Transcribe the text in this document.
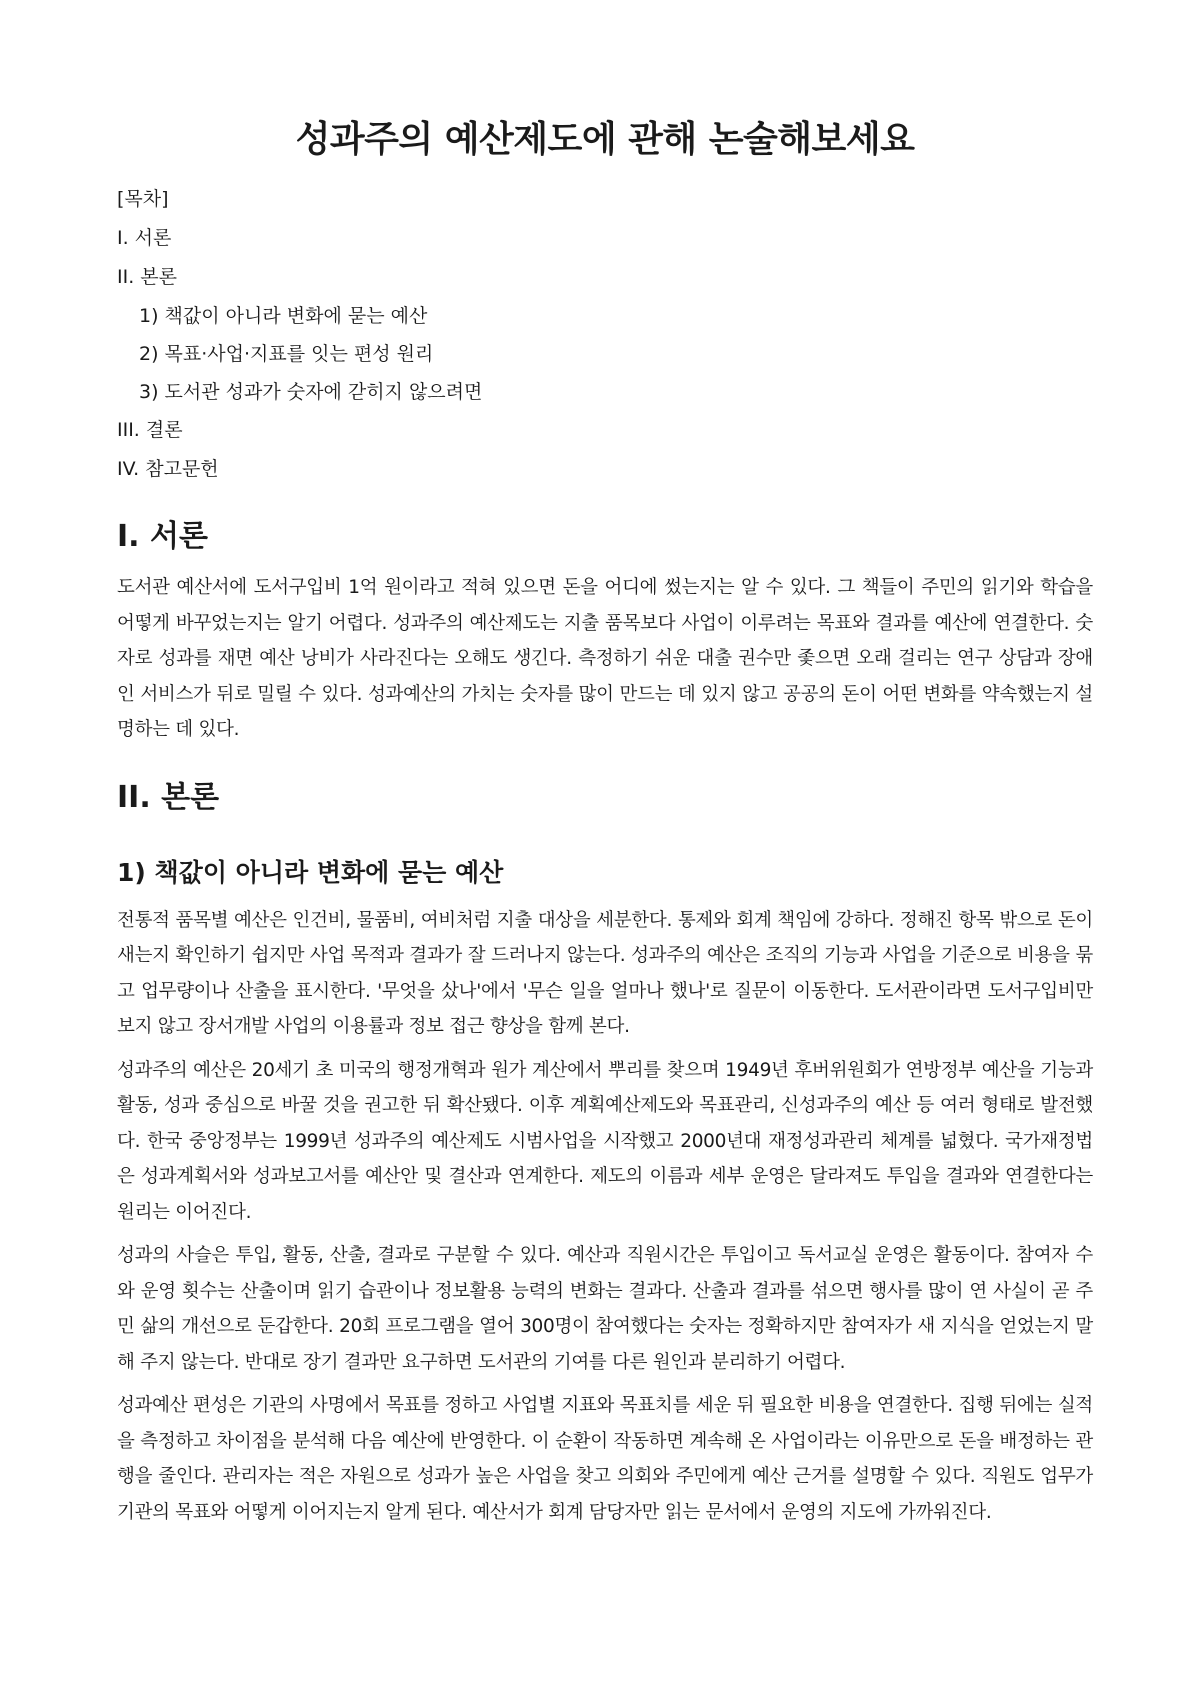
성과주의 예산제도에 관해 논술해보세요
[목차]
I. 서론
II. 본론
1) 책값이 아니라 변화에 묻는 예산
2) 목표·사업·지표를 잇는 편성 원리
3) 도서관 성과가 숫자에 갇히지 않으려면
III. 결론
IV. 참고문헌
I. 서론

도서관 예산서에 도서구입비 1억 원이라고 적혀 있으면 돈을 어디에 썼는지는 알 수 있다. 그 책들이 주민의 읽기와 학습을 어떻게 바꾸었는지는 알기 어렵다. 성과주의 예산제도는 지출 품목보다 사업이 이루려는 목표와 결과를 예산에 연결한다. 숫자로 성과를 재면 예산 낭비가 사라진다는 오해도 생긴다. 측정하기 쉬운 대출 권수만 좇으면 오래 걸리는 연구 상담과 장애인 서비스가 뒤로 밀릴 수 있다. 성과예산의 가치는 숫자를 많이 만드는 데 있지 않고 공공의 돈이 어떤 변화를 약속했는지 설명하는 데 있다.

II. 본론
1) 책값이 아니라 변화에 묻는 예산

전통적 품목별 예산은 인건비, 물품비, 여비처럼 지출 대상을 세분한다. 통제와 회계 책임에 강하다. 정해진 항목 밖으로 돈이 새는지 확인하기 쉽지만 사업 목적과 결과가 잘 드러나지 않는다. 성과주의 예산은 조직의 기능과 사업을 기준으로 비용을 묶고 업무량이나 산출을 표시한다. '무엇을 샀나'에서 '무슨 일을 얼마나 했나'로 질문이 이동한다. 도서관이라면 도서구입비만 보지 않고 장서개발 사업의 이용률과 정보 접근 향상을 함께 본다.

성과주의 예산은 20세기 초 미국의 행정개혁과 원가 계산에서 뿌리를 찾으며 1949년 후버위원회가 연방정부 예산을 기능과 활동, 성과 중심으로 바꿀 것을 권고한 뒤 확산됐다. 이후 계획예산제도와 목표관리, 신성과주의 예산 등 여러 형태로 발전했다. 한국 중앙정부는 1999년 성과주의 예산제도 시범사업을 시작했고 2000년대 재정성과관리 체계를 넓혔다. 국가재정법은 성과계획서와 성과보고서를 예산안 및 결산과 연계한다. 제도의 이름과 세부 운영은 달라져도 투입을 결과와 연결한다는 원리는 이어진다.

성과의 사슬은 투입, 활동, 산출, 결과로 구분할 수 있다. 예산과 직원시간은 투입이고 독서교실 운영은 활동이다. 참여자 수와 운영 횟수는 산출이며 읽기 습관이나 정보활용 능력의 변화는 결과다. 산출과 결과를 섞으면 행사를 많이 연 사실이 곧 주민 삶의 개선으로 둔갑한다. 20회 프로그램을 열어 300명이 참여했다는 숫자는 정확하지만 참여자가 새 지식을 얻었는지 말해 주지 않는다. 반대로 장기 결과만 요구하면 도서관의 기여를 다른 원인과 분리하기 어렵다.

성과예산 편성은 기관의 사명에서 목표를 정하고 사업별 지표와 목표치를 세운 뒤 필요한 비용을 연결한다. 집행 뒤에는 실적을 측정하고 차이점을 분석해 다음 예산에 반영한다. 이 순환이 작동하면 계속해 온 사업이라는 이유만으로 돈을 배정하는 관행을 줄인다. 관리자는 적은 자원으로 성과가 높은 사업을 찾고 의회와 주민에게 예산 근거를 설명할 수 있다. 직원도 업무가 기관의 목표와 어떻게 이어지는지 알게 된다. 예산서가 회계 담당자만 읽는 문서에서 운영의 지도에 가까워진다.
